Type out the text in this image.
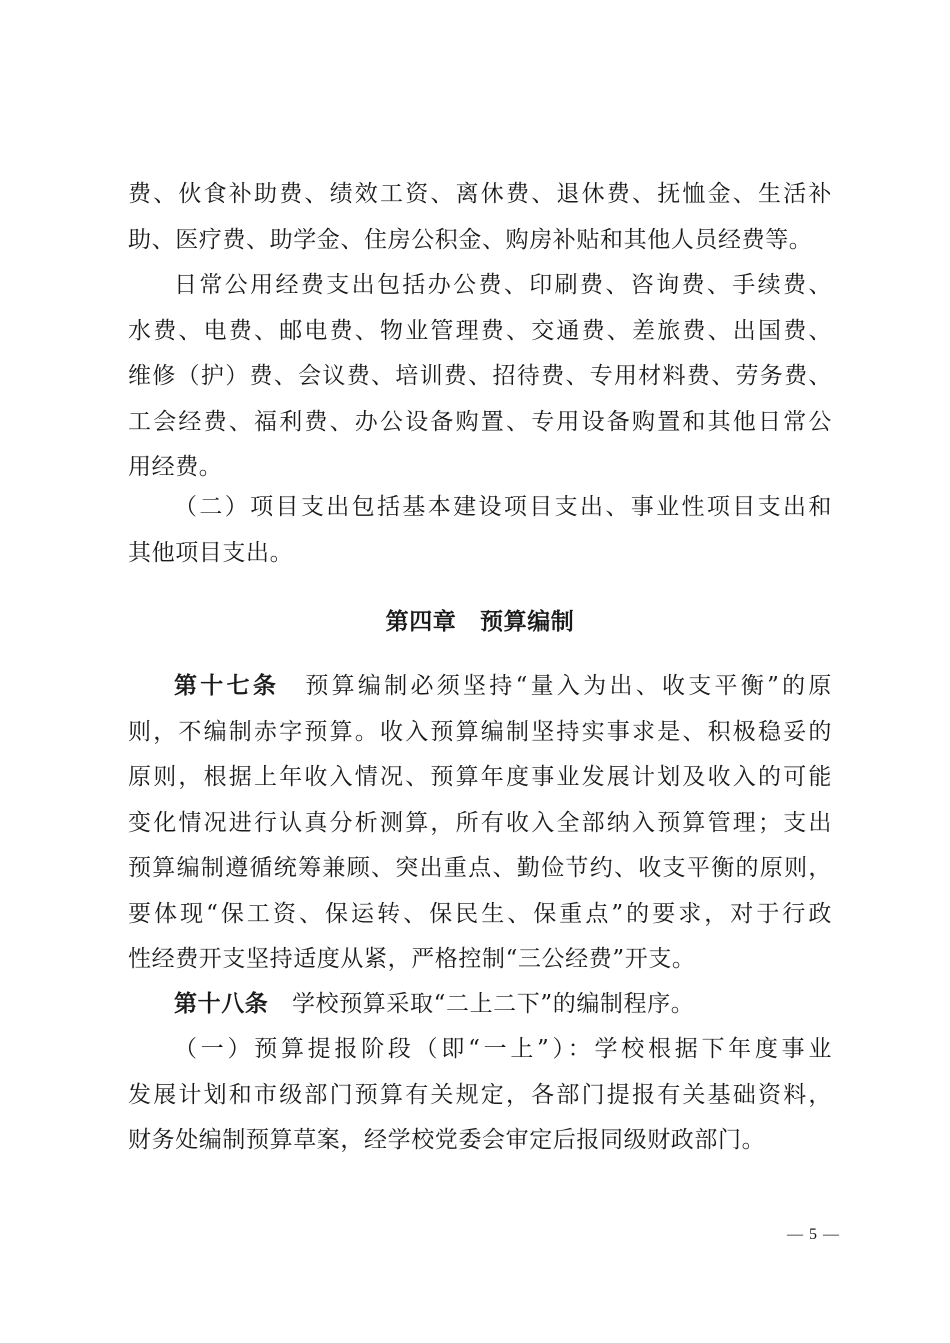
费、伙食补助费、绩效工资、离休费、退休费、抚恤金、生活补
助、医疗费、助学金、住房公积金、购房补贴和其他人员经费等。
日常公用经费支出包括办公费、印刷费、咨询费、手续费、
水费、电费、邮电费、物业管理费、交通费、差旅费、出国费、
维修（护）费、会议费、培训费、招待费、专用材料费、劳务费、
工会经费、福利费、办公设备购置、专用设备购置和其他日常公
用经费。
（二）项目支出包括基本建设项目支出、事业性项目支出和
其他项目支出。
第四章　预算编制
第十七条　预算编制必须坚持“量入为出、收支平衡”的原
则，不编制赤字预算。收入预算编制坚持实事求是、积极稳妥的
原则，根据上年收入情况、预算年度事业发展计划及收入的可能
变化情况进行认真分析测算，所有收入全部纳入预算管理；支出
预算编制遵循统筹兼顾、突出重点、勤俭节约、收支平衡的原则，
要体现“保工资、保运转、保民生、保重点”的要求，对于行政
性经费开支坚持适度从紧，严格控制“三公经费”开支。
第十八条　学校预算采取“二上二下”的编制程序。
（一）预算提报阶段（即“一上”）：学校根据下年度事业
发展计划和市级部门预算有关规定，各部门提报有关基础资料，
财务处编制预算草案，经学校党委会审定后报同级财政部门。
— 5 —
